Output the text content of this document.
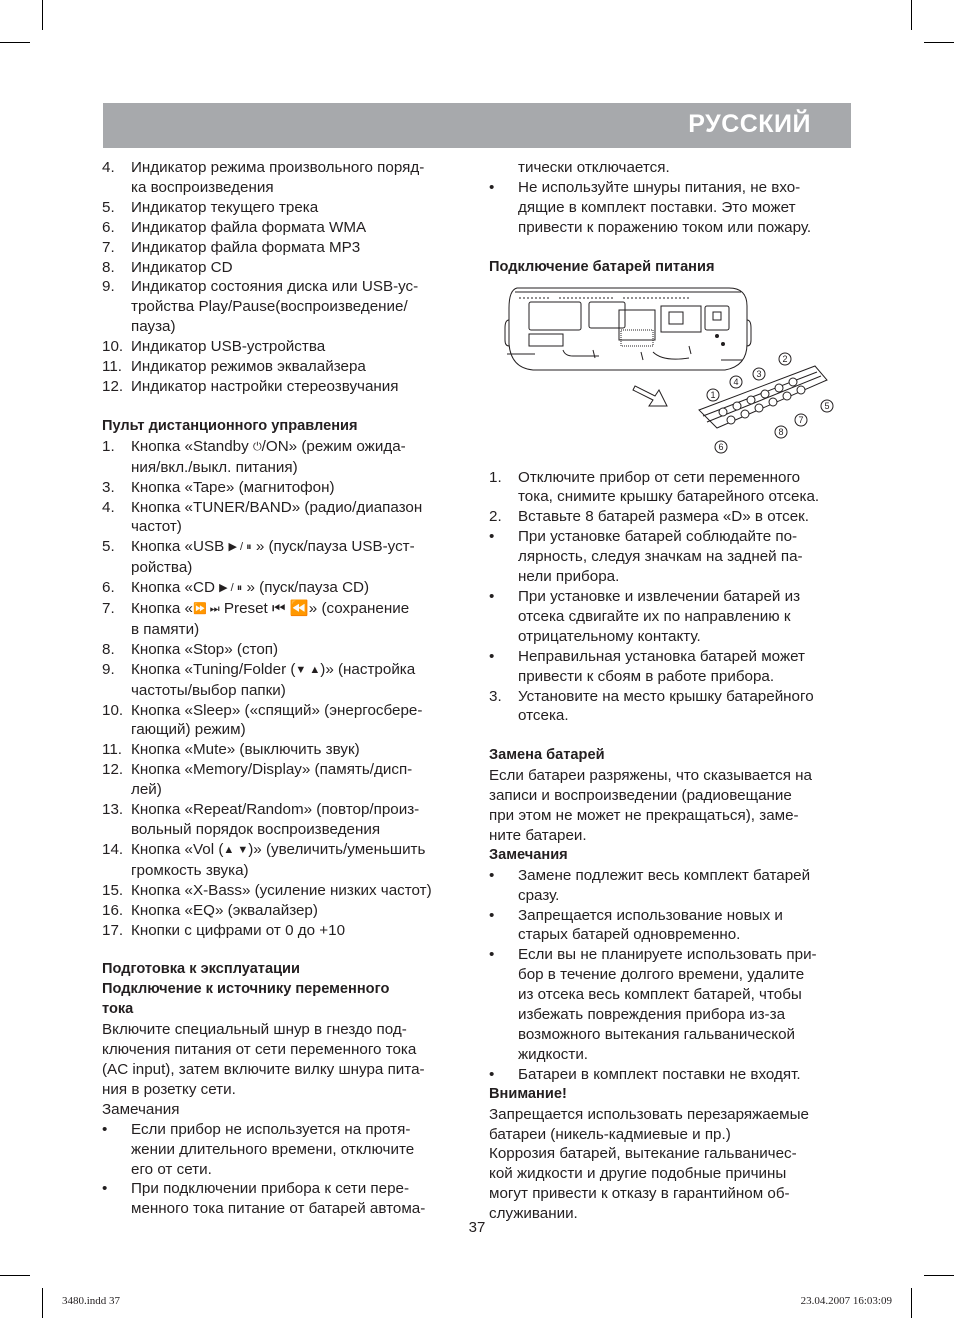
РУССКИЙ
4.	Индикатор режима произвольного поряд-
ка воспроизведения
5.	Индикатор текущего трека
6.	Индикатор файла формата WMA
7.	Индикатор файла формата MP3
8.	Индикатор CD
9.	Индикатор состояния диска или USB-ус-
тройства Play/Pause(воспроизведение/
пауза)
10. Индикатор USB-устройства
11. Индикатор режимов эквалайзера
12. Индикатор настройки стереозвучания
Пульт дистанционного управления
1.	Кнопка «Standby ⏻/ON» (режим ожида-
ния/вкл./выкл. питания)
3.	Кнопка «Tape» (магнитофон)
4.	Кнопка «TUNER/BAND» (радио/диапазон
частот)
5.	Кнопка «USB ▶ / ⏸ » (пуск/пауза USB-уст-
ройства)
6.	Кнопка «CD ▶ / ⏸ » (пуск/пауза CD)
7.	Кнопка «⏩ ⏭ Preset ⏮ ⏪» (сохранение
в памяти)
8.	Кнопка «Stop» (стоп)
9.	Кнопка «Tuning/Folder (▼ ▲)» (настройка
частоты/выбор папки)
10. Кнопка «Sleep» («спящий» (энергосбере-
гающий) режим)
11. Кнопка «Mute» (выключить звук)
12. Кнопка «Memory/Display» (память/дисп-
лей)
13. Кнопка «Repeat/Random» (повтор/произ-
вольный порядок воспроизведения
14. Кнопка «Vol (▲ ▼)» (увеличить/уменьшить
громкость звука)
15. Кнопка «X-Bass» (усиление низких частот)
16. Кнопка «EQ» (эквалайзер)
17. Кнопки с цифрами от 0 до +10
Подготовка к эксплуатации
Подключение к источнику переменного
тока
Включите специальный шнур в гнездо под-
ключения питания от сети переменного тока
(AC input), затем включите вилку шнура пита-
ния в розетку сети.
Замечания
•	Если прибор не используется на протя-
жении длительного времени, отключите
его от сети.
•	При подключении прибора к сети пере-
менного тока питание от батарей автома-
тически отключается.
•	Не используйте шнуры питания, не вхо-
дящие в комплект поставки. Это может
привести к поражению током или пожару.
Подключение батарей питания
1.	Отключите прибор от сети переменного
тока, снимите крышку батарейного отсека.
2.	Вставьте 8 батарей размера «D» в отсек.
•	При установке батарей соблюдайте по-
лярность, следуя значкам на задней па-
нели прибора.
•	При установке и извлечении батарей из
отсека сдвигайте их по направлению к
отрицательному контакту.
•	Неправильная установка батарей может
привести к сбоям в работе прибора.
3.	Установите на место крышку батарейного
отсека.
Замена батарей
Если батареи разряжены, что сказывается на
записи и воспроизведении (радиовещание
при этом не может не прекращаться), заме-
ните батареи.
Замечания
•	Замене подлежит весь комплект батарей
сразу.
•	Запрещается использование новых и
старых батарей одновременно.
•	Если вы не планируете использовать при-
бор в течение долгого времени, удалите
из отсека весь комплект батарей, чтобы
избежать повреждения прибора из-за
возможного вытекания гальванической
жидкости.
•	Батареи в комплект поставки не входят.
Внимание!
Запрещается использовать перезаряжаемые
батареи (никель-кадмиевые и пр.)
Коррозия батарей, вытекание гальваничес-
кой жидкости и другие подобные причины
могут привести к отказу в гарантийном об-
служивании.
1
2
3
4
5
6
7
8
37
3480.indd 37	23.04.2007 16:03:09
